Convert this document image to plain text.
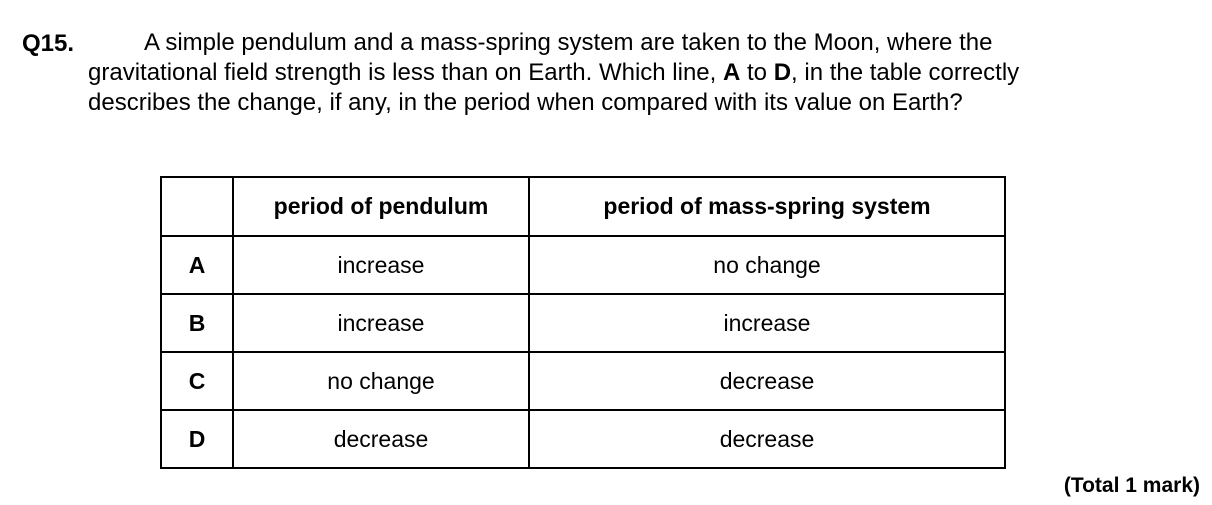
Q15.	A simple pendulum and a mass-spring system are taken to the Moon, where the
gravitational field strength is less than on Earth. Which line, A to D, in the table correctly
describes the change, if any, in the period when compared with its value on Earth?
	period of pendulum	period of mass-spring system
A	increase	no change
B	increase	increase
C	no change	decrease
D	decrease	decrease
(Total 1 mark)
